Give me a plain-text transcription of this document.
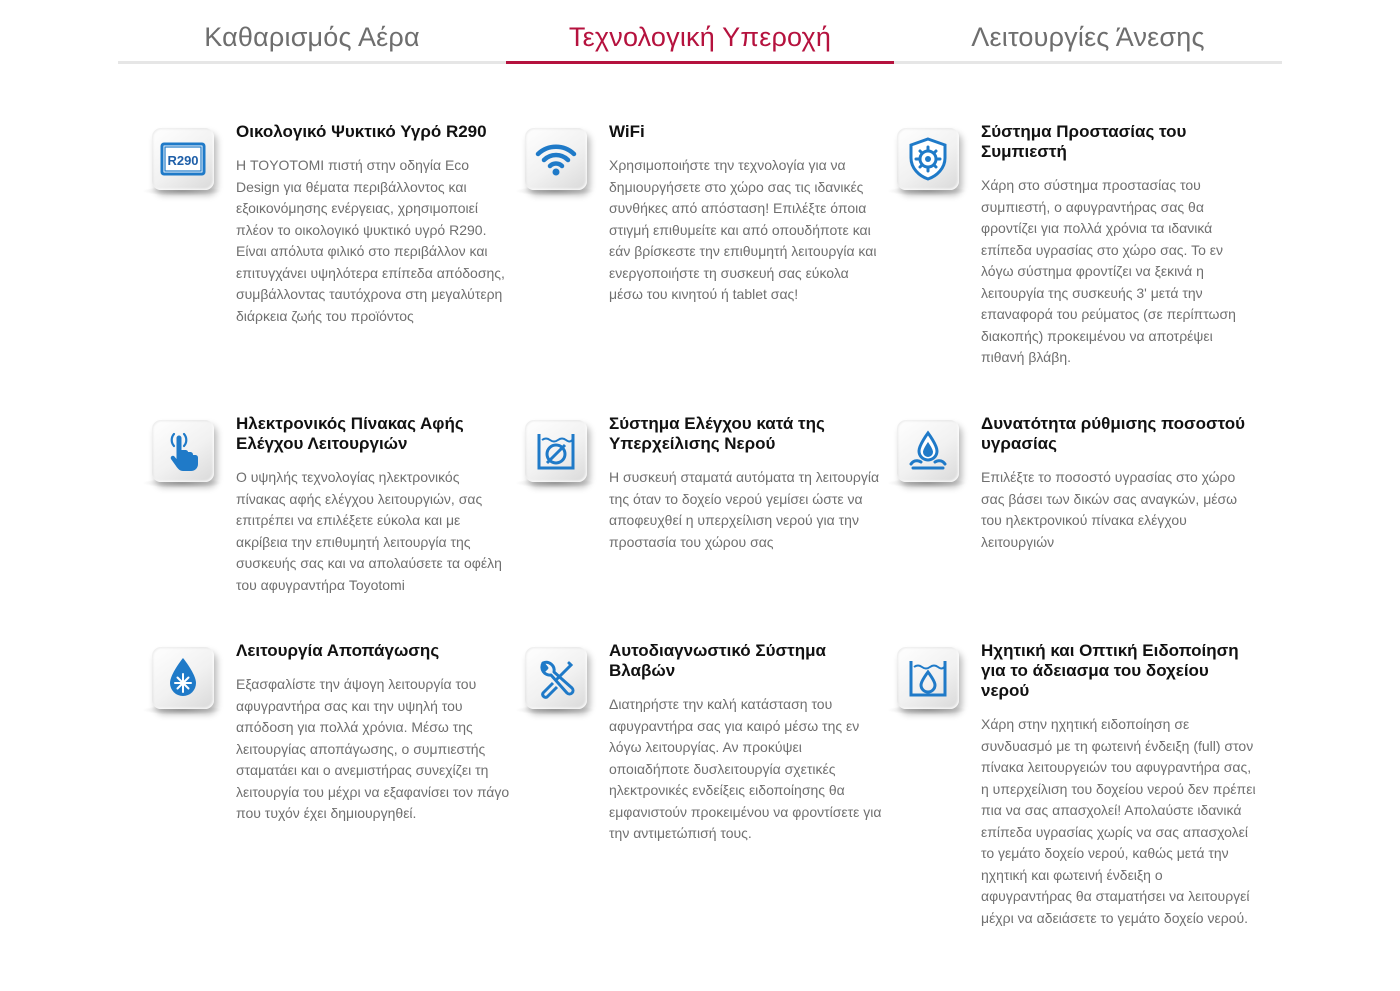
Καθαρισμός Αέρα	Τεχνολογική Υπεροχή	Λειτουργίες Άνεσης
R290
Οικολογικό Ψυκτικό Υγρό R290
Η TOYOTOMI πιστή στην οδηγία Eco Design για θέματα περιβάλλοντος και εξοικονόμησης ενέργειας, χρησιμοποιεί πλέον το οικολογικό ψυκτικό υγρό R290. Είναι απόλυτα φιλικό στο περιβάλλον και επιτυγχάνει υψηλότερα επίπεδα απόδοσης, συμβάλλοντας ταυτόχρονα στη μεγαλύτερη διάρκεια ζωής του προϊόντος
WiFi
Χρησιμοποιήστε την τεχνολογία για να δημιουργήσετε στο χώρο σας τις ιδανικές συνθήκες από απόσταση! Επιλέξτε όποια στιγμή επιθυμείτε και από οπουδήποτε και εάν βρίσκεστε την επιθυμητή λειτουργία και ενεργοποιήστε τη συσκευή σας εύκολα μέσω του κινητού ή tablet σας!
Σύστημα Προστασίας του Συμπιεστή
Χάρη στο σύστημα προστασίας του συμπιεστή, ο αφυγραντήρας σας θα φροντίζει για πολλά χρόνια τα ιδανικά επίπεδα υγρασίας στο χώρο σας. Το εν λόγω σύστημα φροντίζει να ξεκινά η λειτουργία της συσκευής 3' μετά την επαναφορά του ρεύματος (σε περίπτωση διακοπής) προκειμένου να αποτρέψει πιθανή βλάβη.
Ηλεκτρονικός Πίνακας Αφής Ελέγχου Λειτουργιών
Ο υψηλής τεχνολογίας ηλεκτρονικός πίνακας αφής ελέγχου λειτουργιών, σας επιτρέπει να επιλέξετε εύκολα και με ακρίβεια την επιθυμητή λειτουργία της συσκευής σας και να απολαύσετε τα οφέλη του αφυγραντήρα Toyotomi
Σύστημα Ελέγχου κατά της Υπερχείλισης Νερού
Η συσκευή σταματά αυτόματα τη λειτουργία της όταν το δοχείο νερού γεμίσει ώστε να αποφευχθεί η υπερχείλιση νερού για την προστασία του χώρου σας
Δυνατότητα ρύθμισης ποσοστού υγρασίας
Επιλέξτε το ποσοστό υγρασίας στο χώρο σας βάσει των δικών σας αναγκών, μέσω του ηλεκτρονικού πίνακα ελέγχου λειτουργιών
Λειτουργία Αποπάγωσης
Εξασφαλίστε την άψογη λειτουργία του αφυγραντήρα σας και την υψηλή του απόδοση για πολλά χρόνια. Μέσω της λειτουργίας αποπάγωσης, ο συμπιεστής σταματάει και ο ανεμιστήρας συνεχίζει τη λειτουργία του μέχρι να εξαφανίσει τον πάγο που τυχόν έχει δημιουργηθεί.
Αυτοδιαγνωστικό Σύστημα Βλαβών
Διατηρήστε την καλή κατάσταση του αφυγραντήρα σας για καιρό μέσω της εν λόγω λειτουργίας. Αν προκύψει οποιαδήποτε δυσλειτουργία σχετικές ηλεκτρονικές ενδείξεις ειδοποίησης θα εμφανιστούν προκειμένου να φροντίσετε για την αντιμετώπισή τους.
Ηχητική και Οπτική Ειδοποίηση για το άδειασμα του δοχείου νερού
Χάρη στην ηχητική ειδοποίηση σε συνδυασμό με τη φωτεινή ένδειξη (full) στον πίνακα λειτουργειών του αφυγραντήρα σας, η υπερχείλιση του δοχείου νερού δεν πρέπει πια να σας απασχολεί! Απολαύστε ιδανικά επίπεδα υγρασίας χωρίς να σας απασχολεί το γεμάτο δοχείο νερού, καθώς μετά την ηχητική και φωτεινή ένδειξη ο αφυγραντήρας θα σταματήσει να λειτουργεί μέχρι να αδειάσετε το γεμάτο δοχείο νερού.
